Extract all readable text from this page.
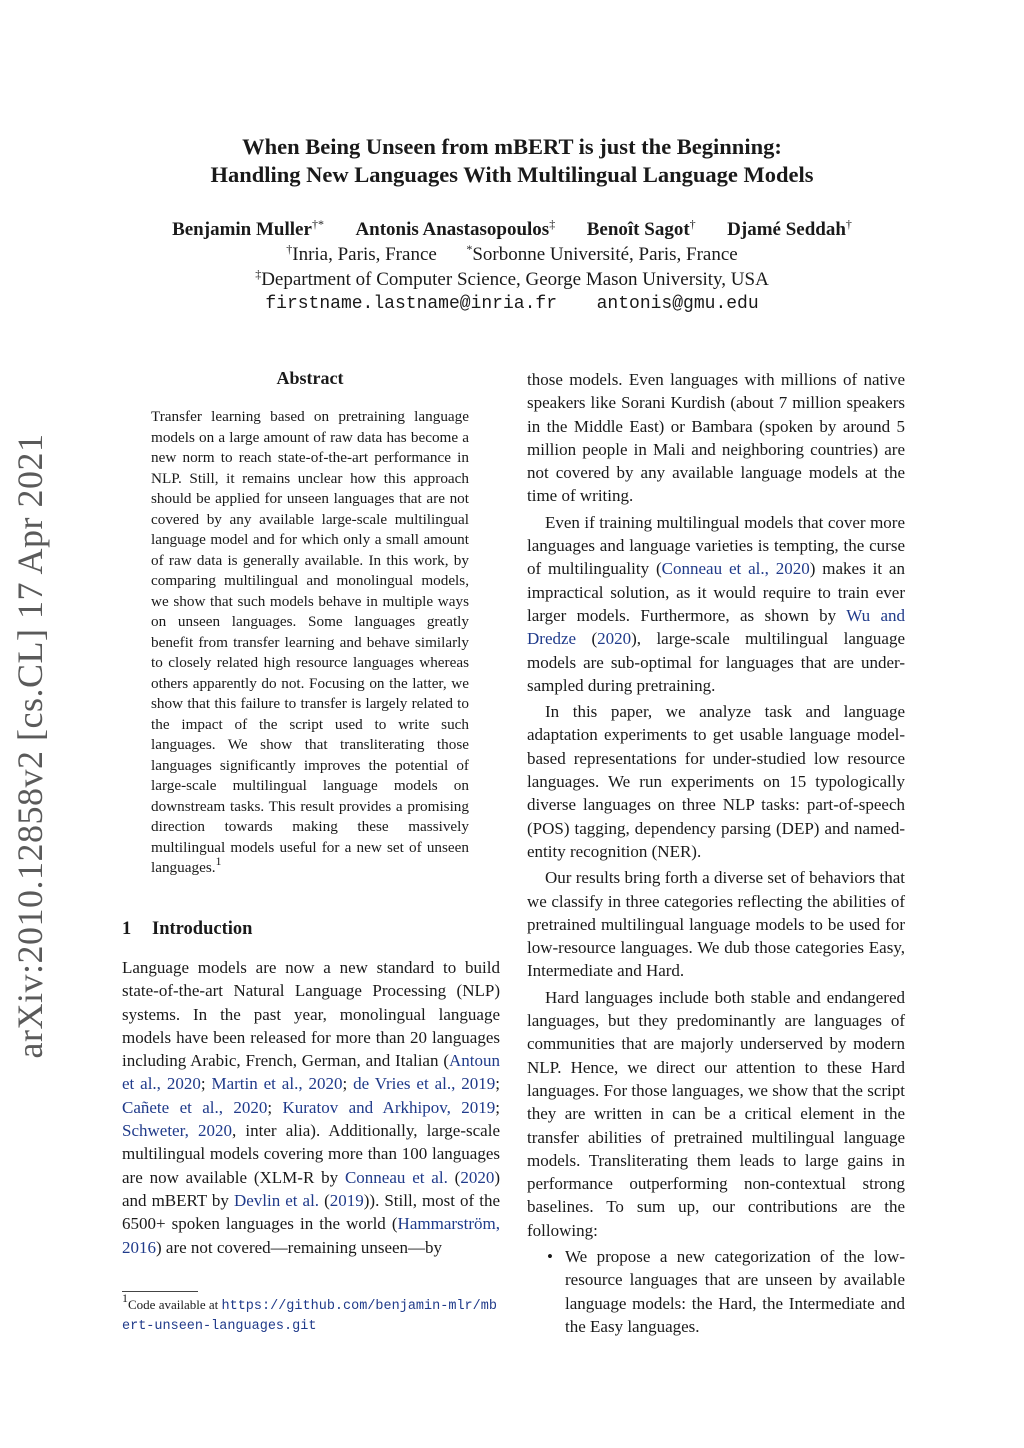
arXiv:2010.12858v2 [cs.CL] 17 Apr 2021
When Being Unseen from mBERT is just the Beginning:
Handling New Languages With Multilingual Language Models
Benjamin Muller†* Antonis Anastasopoulos‡ Benoît Sagot† Djamé Seddah†
†Inria, Paris, France *Sorbonne Université, Paris, France
‡Department of Computer Science, George Mason University, USA
firstname.lastname@inria.fr antonis@gmu.edu
Abstract
Transfer learning based on pretraining language models on a large amount of raw data has become a new norm to reach state-of-the-art performance in NLP. Still, it remains unclear how this approach should be applied for unseen languages that are not covered by any available large-scale multilingual language model and for which only a small amount of raw data is generally available. In this work, by comparing multilingual and monolingual models, we show that such models behave in multiple ways on unseen languages. Some languages greatly benefit from transfer learning and behave similarly to closely related high resource languages whereas others apparently do not. Focusing on the latter, we show that this failure to transfer is largely related to the impact of the script used to write such languages. We show that transliterating those languages significantly improves the potential of large-scale multilingual language models on downstream tasks. This result provides a promising direction towards making these massively multilingual models useful for a new set of unseen languages.$^1$
1 Introduction
Language models are now a new standard to build state-of-the-art Natural Language Processing (NLP) systems. In the past year, monolingual language models have been released for more than 20 languages including Arabic, French, German, and Italian (Antoun et al., 2020; Martin et al., 2020; de Vries et al., 2019; Cañete et al., 2020; Kuratov and Arkhipov, 2019; Schweter, 2020, inter alia). Additionally, large-scale multilingual models covering more than 100 languages are now available (XLM-R by Conneau et al. (2020) and mBERT by Devlin et al. (2019)). Still, most of the 6500+ spoken languages in the world (Hammarström, 2016) are not covered—remaining unseen—by
$^1$Code available at https://github.com/benjamin-mlr/mbert-unseen-languages.git

those models. Even languages with millions of native speakers like Sorani Kurdish (about 7 million speakers in the Middle East) or Bambara (spoken by around 5 million people in Mali and neighboring countries) are not covered by any available language models at the time of writing.

Even if training multilingual models that cover more languages and language varieties is tempting, the curse of multilinguality (Conneau et al., 2020) makes it an impractical solution, as it would require to train ever larger models. Furthermore, as shown by Wu and Dredze (2020), large-scale multilingual language models are sub-optimal for languages that are under-sampled during pretraining.

In this paper, we analyze task and language adaptation experiments to get usable language model-based representations for under-studied low resource languages. We run experiments on 15 typologically diverse languages on three NLP tasks: part-of-speech (POS) tagging, dependency parsing (DEP) and named-entity recognition (NER).

Our results bring forth a diverse set of behaviors that we classify in three categories reflecting the abilities of pretrained multilingual language models to be used for low-resource languages. We dub those categories Easy, Intermediate and Hard.

Hard languages include both stable and endangered languages, but they predominantly are languages of communities that are majorly underserved by modern NLP. Hence, we direct our attention to these Hard languages. For those languages, we show that the script they are written in can be a critical element in the transfer abilities of pretrained multilingual language models. Transliterating them leads to large gains in performance outperforming non-contextual strong baselines. To sum up, our contributions are the following:

• We propose a new categorization of the low-resource languages that are unseen by available language models: the Hard, the Intermediate and the Easy languages.
